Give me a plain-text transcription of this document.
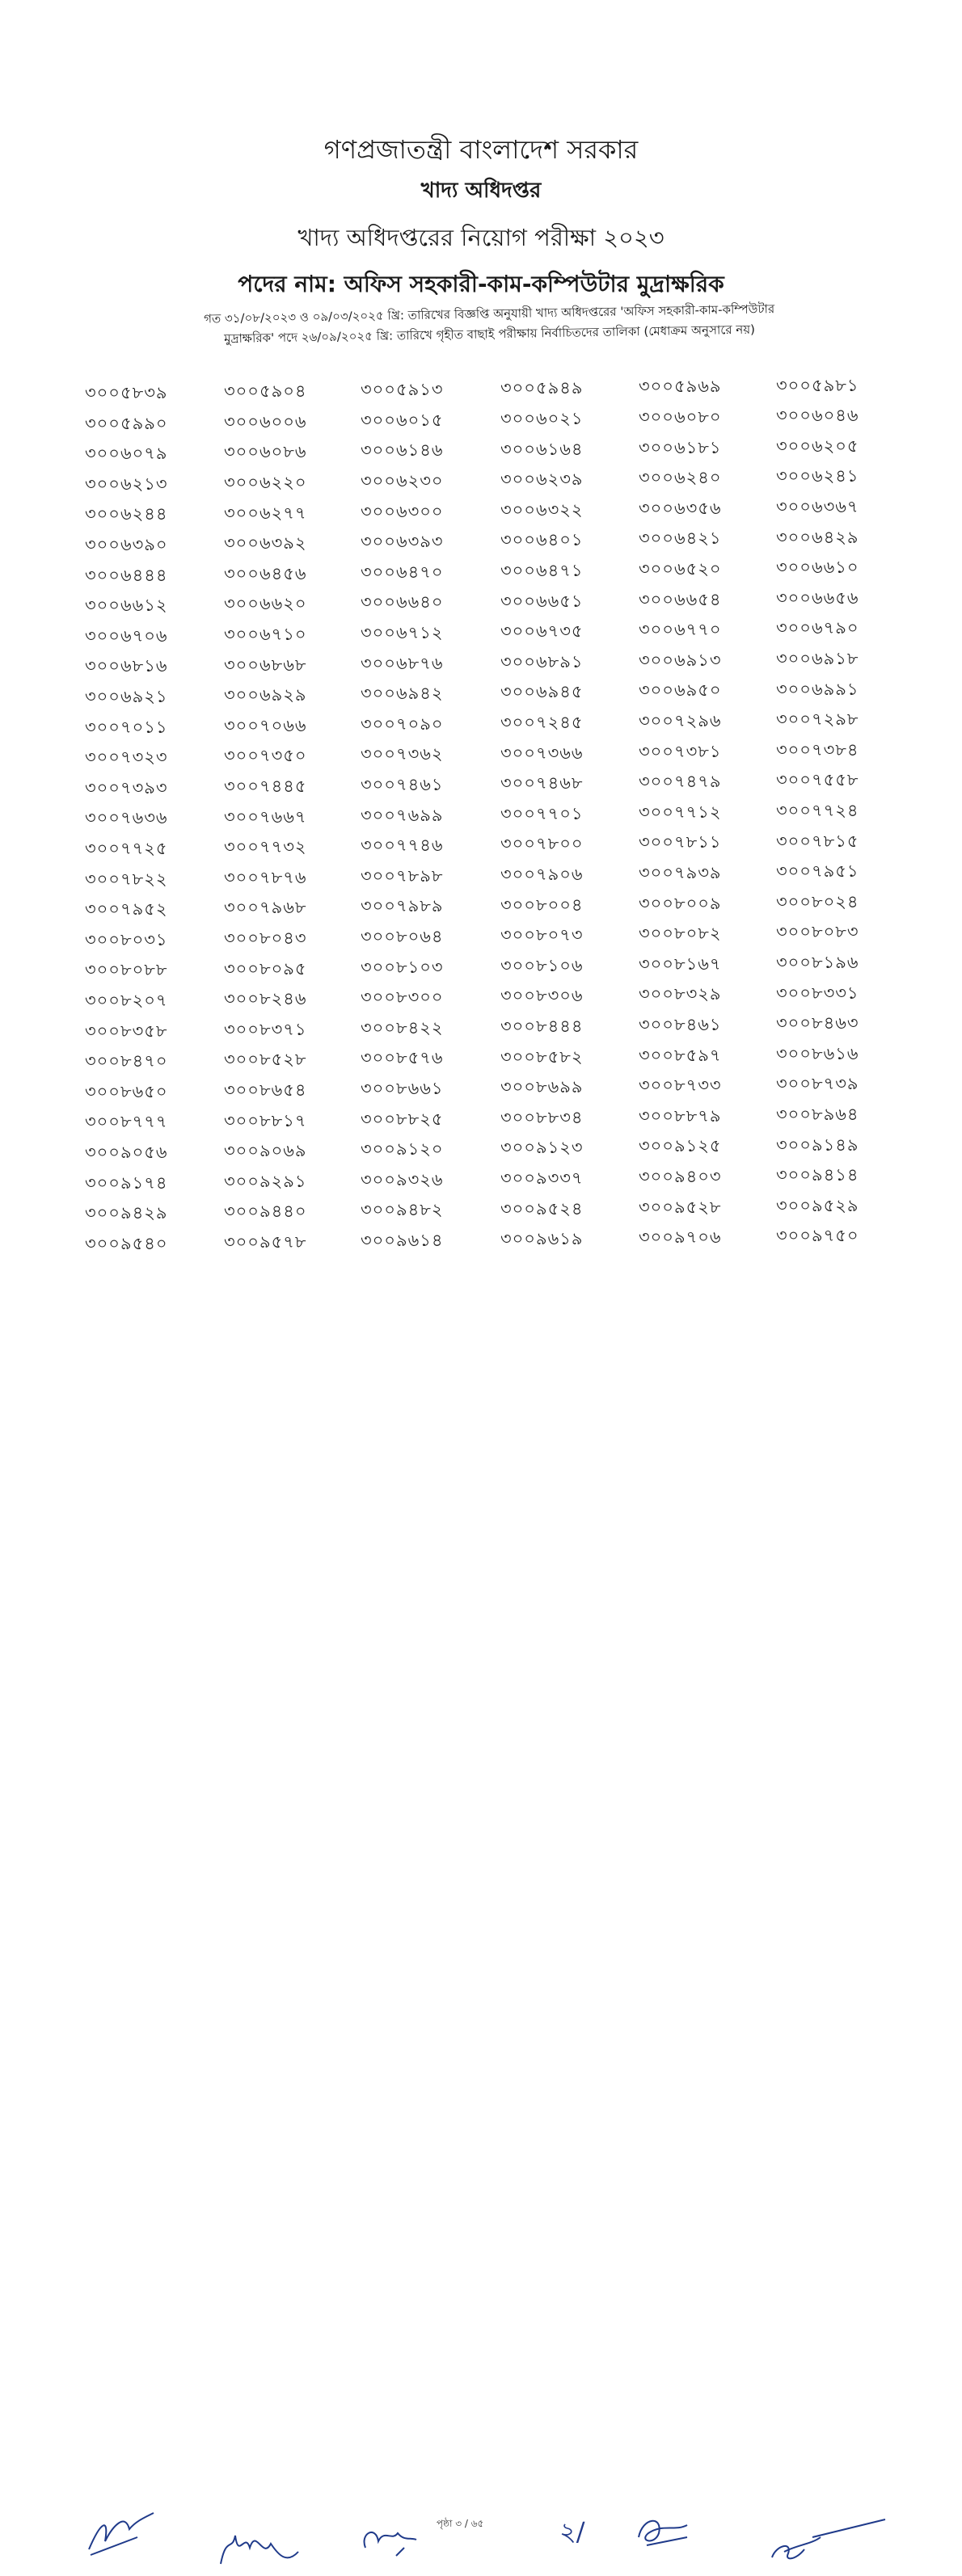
গণপ্রজাতন্ত্রী বাংলাদেশ সরকার
খাদ্য অধিদপ্তর
খাদ্য অধিদপ্তরের নিয়োগ পরীক্ষা ২০২৩
পদের নাম: অফিস সহকারী-কাম-কম্পিউটার মুদ্রাক্ষরিক
গত ৩১/০৮/২০২৩ ও ০৯/০৩/২০২৫ খ্রি: তারিখের বিজ্ঞপ্তি অনুযায়ী খাদ্য অধিদপ্তরের 'অফিস সহকারী-কাম-কম্পিউটার
মুদ্রাক্ষরিক' পদে ২৬/০৯/২০২৫ খ্রি: তারিখে গৃহীত বাছাই পরীক্ষায় নির্বাচিতদের তালিকা (মেধাক্রম অনুসারে নয়)
৩০০৫৮৩৯	৩০০৫৯০৪	৩০০৫৯১৩	৩০০৫৯৪৯	৩০০৫৯৬৯	৩০০৫৯৮১
৩০০৫৯৯০	৩০০৬০০৬	৩০০৬০১৫	৩০০৬০২১	৩০০৬০৮০	৩০০৬০৪৬
৩০০৬০৭৯	৩০০৬০৮৬	৩০০৬১৪৬	৩০০৬১৬৪	৩০০৬১৮১	৩০০৬২০৫
৩০০৬২১৩	৩০০৬২২০	৩০০৬২৩০	৩০০৬২৩৯	৩০০৬২৪০	৩০০৬২৪১
৩০০৬২৪৪	৩০০৬২৭৭	৩০০৬৩০০	৩০০৬৩২২	৩০০৬৩৫৬	৩০০৬৩৬৭
৩০০৬৩৯০	৩০০৬৩৯২	৩০০৬৩৯৩	৩০০৬৪০১	৩০০৬৪২১	৩০০৬৪২৯
৩০০৬৪৪৪	৩০০৬৪৫৬	৩০০৬৪৭০	৩০০৬৪৭১	৩০০৬৫২০	৩০০৬৬১০
৩০০৬৬১২	৩০০৬৬২০	৩০০৬৬৪০	৩০০৬৬৫১	৩০০৬৬৫৪	৩০০৬৬৫৬
৩০০৬৭০৬	৩০০৬৭১০	৩০০৬৭১২	৩০০৬৭৩৫	৩০০৬৭৭০	৩০০৬৭৯০
৩০০৬৮১৬	৩০০৬৮৬৮	৩০০৬৮৭৬	৩০০৬৮৯১	৩০০৬৯১৩	৩০০৬৯১৮
৩০০৬৯২১	৩০০৬৯২৯	৩০০৬৯৪২	৩০০৬৯৪৫	৩০০৬৯৫০	৩০০৬৯৯১
৩০০৭০১১	৩০০৭০৬৬	৩০০৭০৯০	৩০০৭২৪৫	৩০০৭২৯৬	৩০০৭২৯৮
৩০০৭৩২৩	৩০০৭৩৫০	৩০০৭৩৬২	৩০০৭৩৬৬	৩০০৭৩৮১	৩০০৭৩৮৪
৩০০৭৩৯৩	৩০০৭৪৪৫	৩০০৭৪৬১	৩০০৭৪৬৮	৩০০৭৪৭৯	৩০০৭৫৫৮
৩০০৭৬৩৬	৩০০৭৬৬৭	৩০০৭৬৯৯	৩০০৭৭০১	৩০০৭৭১২	৩০০৭৭২৪
৩০০৭৭২৫	৩০০৭৭৩২	৩০০৭৭৪৬	৩০০৭৮০০	৩০০৭৮১১	৩০০৭৮১৫
৩০০৭৮২২	৩০০৭৮৭৬	৩০০৭৮৯৮	৩০০৭৯০৬	৩০০৭৯৩৯	৩০০৭৯৫১
৩০০৭৯৫২	৩০০৭৯৬৮	৩০০৭৯৮৯	৩০০৮০০৪	৩০০৮০০৯	৩০০৮০২৪
৩০০৮০৩১	৩০০৮০৪৩	৩০০৮০৬৪	৩০০৮০৭৩	৩০০৮০৮২	৩০০৮০৮৩
৩০০৮০৮৮	৩০০৮০৯৫	৩০০৮১০৩	৩০০৮১০৬	৩০০৮১৬৭	৩০০৮১৯৬
৩০০৮২০৭	৩০০৮২৪৬	৩০০৮৩০০	৩০০৮৩০৬	৩০০৮৩২৯	৩০০৮৩৩১
৩০০৮৩৫৮	৩০০৮৩৭১	৩০০৮৪২২	৩০০৮৪৪৪	৩০০৮৪৬১	৩০০৮৪৬৩
৩০০৮৪৭০	৩০০৮৫২৮	৩০০৮৫৭৬	৩০০৮৫৮২	৩০০৮৫৯৭	৩০০৮৬১৬
৩০০৮৬৫০	৩০০৮৬৫৪	৩০০৮৬৬১	৩০০৮৬৯৯	৩০০৮৭৩৩	৩০০৮৭৩৯
৩০০৮৭৭৭	৩০০৮৮১৭	৩০০৮৮২৫	৩০০৮৮৩৪	৩০০৮৮৭৯	৩০০৮৯৬৪
৩০০৯০৫৬	৩০০৯০৬৯	৩০০৯১২০	৩০০৯১২৩	৩০০৯১২৫	৩০০৯১৪৯
৩০০৯১৭৪	৩০০৯২৯১	৩০০৯৩২৬	৩০০৯৩৩৭	৩০০৯৪০৩	৩০০৯৪১৪
৩০০৯৪২৯	৩০০৯৪৪০	৩০০৯৪৮২	৩০০৯৫২৪	৩০০৯৫২৮	৩০০৯৫২৯
৩০০৯৫৪০	৩০০৯৫৭৮	৩০০৯৬১৪	৩০০৯৬১৯	৩০০৯৭০৬	৩০০৯৭৫০
পৃষ্ঠা ৩ / ৬৫	২/
